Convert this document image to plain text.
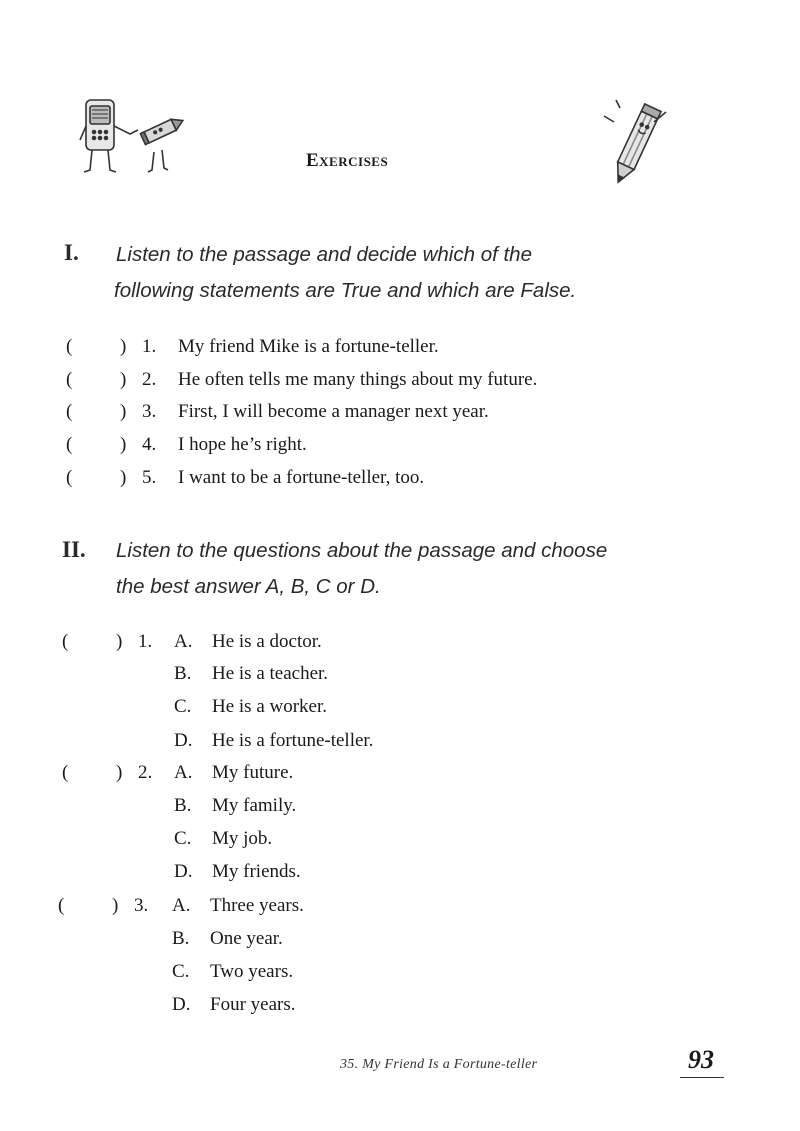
Exercises
I. Listen to the passage and decide which of the
following statements are True and which are False.
(	) 1. My friend Mike is a fortune-teller.
(	) 2. He often tells me many things about my future.
(	) 3. First, I will become a manager next year.
(	) 4. I hope he’s right.
(	) 5. I want to be a fortune-teller, too.
II. Listen to the questions about the passage and choose
the best answer A, B, C or D.
(	) 1. A. He is a doctor.
B. He is a teacher.
C. He is a worker.
D. He is a fortune-teller.
(	) 2. A. My future.
B. My family.
C. My job.
D. My friends.
(	) 3. A. Three years.
B. One year.
C. Two years.
D. Four years.
35. My Friend Is a Fortune-teller	93
